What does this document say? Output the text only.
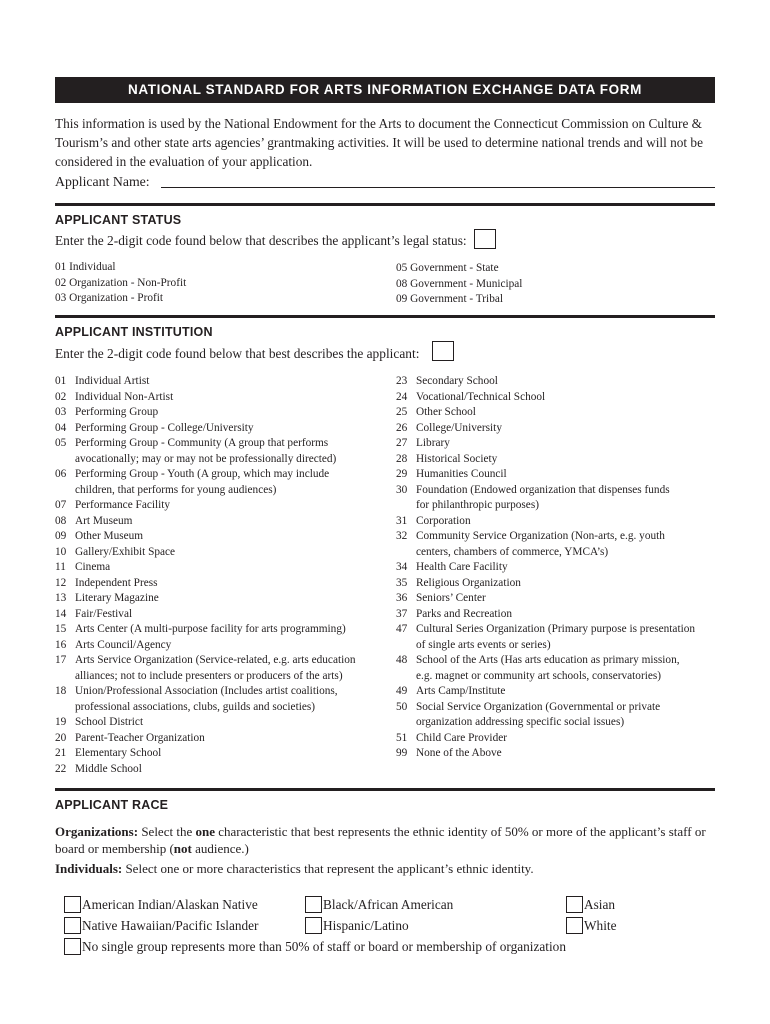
NATIONAL STANDARD FOR ARTS INFORMATION EXCHANGE DATA FORM
This information is used by the National Endowment for the Arts to document the Connecticut Commission on Culture & Tourism’s and other state arts agencies’ grantmaking activities. It will be used to determine national trends and will not be considered in the evaluation of your application.
Applicant Name:
APPLICANT STATUS
Enter the 2-digit code found below that describes the applicant’s legal status:
01 Individual
02 Organization - Non-Profit
03 Organization - Profit
05 Government - State
08 Government - Municipal
09 Government - Tribal
APPLICANT INSTITUTION
Enter the 2-digit code found below that best describes the applicant:
01 Individual Artist
02 Individual Non-Artist
03 Performing Group
04 Performing Group - College/University
05 Performing Group - Community (A group that performs
avocationally; may or may not be professionally directed)
06 Performing Group - Youth (A group, which may include
children, that performs for young audiences)
07 Performance Facility
08 Art Museum
09 Other Museum
10 Gallery/Exhibit Space
11 Cinema
12 Independent Press
13 Literary Magazine
14 Fair/Festival
15 Arts Center (A multi-purpose facility for arts programming)
16 Arts Council/Agency
17 Arts Service Organization (Service-related, e.g. arts education
alliances; not to include presenters or producers of the arts)
18 Union/Professional Association (Includes artist coalitions,
professional associations, clubs, guilds and societies)
19 School District
20 Parent-Teacher Organization
21 Elementary School
22 Middle School
23 Secondary School
24 Vocational/Technical School
25 Other School
26 College/University
27 Library
28 Historical Society
29 Humanities Council
30 Foundation (Endowed organization that dispenses funds
for philanthropic purposes)
31 Corporation
32 Community Service Organization (Non-arts, e.g. youth
centers, chambers of commerce, YMCA’s)
34 Health Care Facility
35 Religious Organization
36 Seniors’ Center
37 Parks and Recreation
47 Cultural Series Organization (Primary purpose is presentation
of single arts events or series)
48 School of the Arts (Has arts education as primary mission,
e.g. magnet or community art schools, conservatories)
49 Arts Camp/Institute
50 Social Service Organization (Governmental or private
organization addressing specific social issues)
51 Child Care Provider
99 None of the Above
APPLICANT RACE
Organizations: Select the one characteristic that best represents the ethnic identity of 50% or more of the applicant’s staff or board or membership (not audience.)
Individuals: Select one or more characteristics that represent the applicant’s ethnic identity.
American Indian/Alaskan Native	Black/African American	Asian
Native Hawaiian/Pacific Islander	Hispanic/Latino	White
No single group represents more than 50% of staff or board or membership of organization
